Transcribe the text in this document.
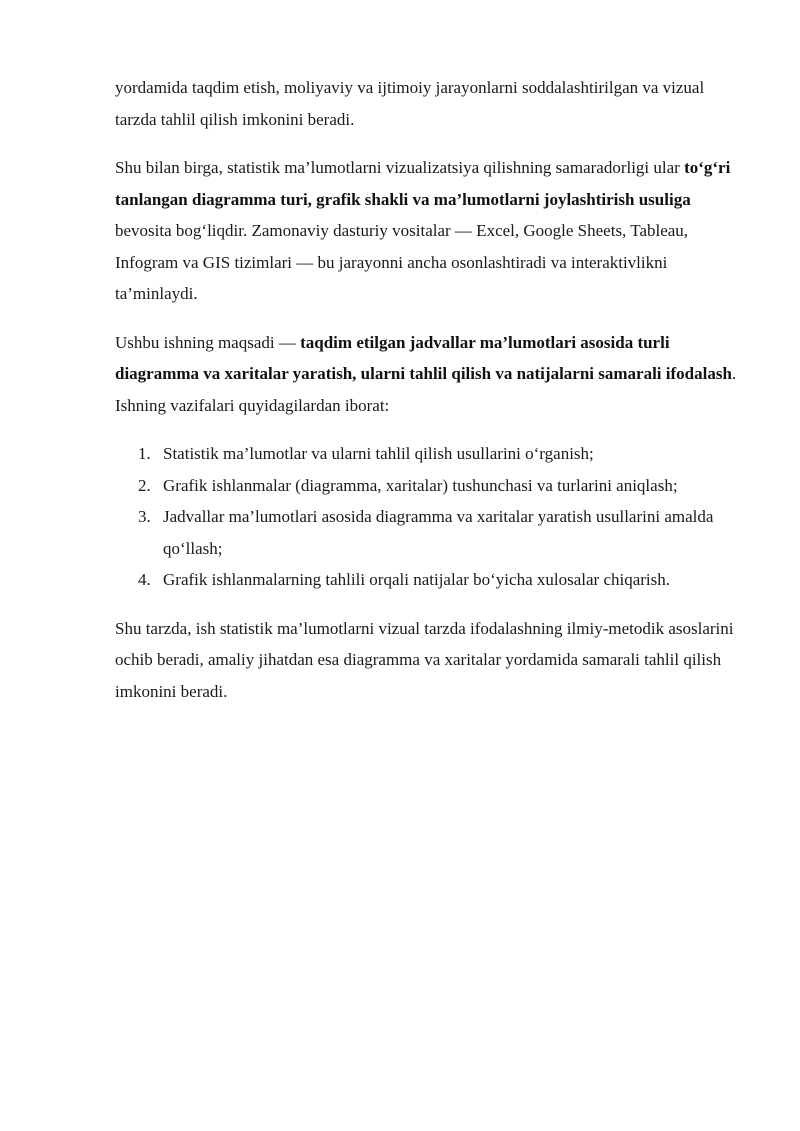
yordamida taqdim etish, moliyaviy va ijtimoiy jarayonlarni soddalashtirilgan va vizual tarzda tahlil qilish imkonini beradi.

Shu bilan birga, statistik ma’lumotlarni vizualizatsiya qilishning samaradorligi ular to‘g‘ri tanlangan diagramma turi, grafik shakli va ma’lumotlarni joylashtirish usuliga bevosita bog‘liqdir. Zamonaviy dasturiy vositalar — Excel, Google Sheets, Tableau, Infogram va GIS tizimlari — bu jarayonni ancha osonlashtiradi va interaktivlikni ta’minlaydi.

Ushbu ishning maqsadi — taqdim etilgan jadvallar ma’lumotlari asosida turli diagramma va xaritalar yaratish, ularni tahlil qilish va natijalarni samarali ifodalash. Ishning vazifalari quyidagilardan iborat:

1. Statistik ma’lumotlar va ularni tahlil qilish usullarini o‘rganish;
2. Grafik ishlanmalar (diagramma, xaritalar) tushunchasi va turlarini aniqlash;
3. Jadvallar ma’lumotlari asosida diagramma va xaritalar yaratish usullarini amalda qo‘llash;
4. Grafik ishlanmalarning tahlili orqali natijalar bo‘yicha xulosalar chiqarish.

Shu tarzda, ish statistik ma’lumotlarni vizual tarzda ifodalashning ilmiy-metodik asoslarini ochib beradi, amaliy jihatdan esa diagramma va xaritalar yordamida samarali tahlil qilish imkonini beradi.
